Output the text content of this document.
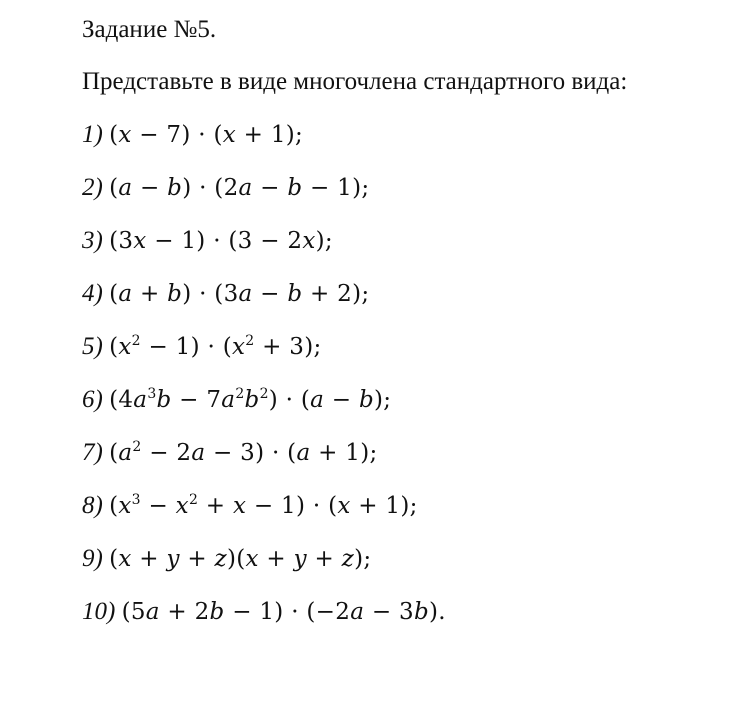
Задание №5.

Представьте в виде многочлена стандартного вида:

1) (x − 7) · (x + 1);
2) (a − b) · (2a − b − 1);
3) (3x − 1) · (3 − 2x);
4) (a + b) · (3a − b + 2);
5) $(x^2 - 1) \cdot (x^2 + 3)$;
6) $(4a^3b - 7a^2b^2) \cdot (a - b)$;
7) $(a^2 - 2a - 3) \cdot (a + 1)$;
8) $(x^3 - x^2 + x - 1) \cdot (x + 1)$;
9) (x + y + z)(x + y + z);
10) (5a + 2b − 1) · (−2a − 3b).
